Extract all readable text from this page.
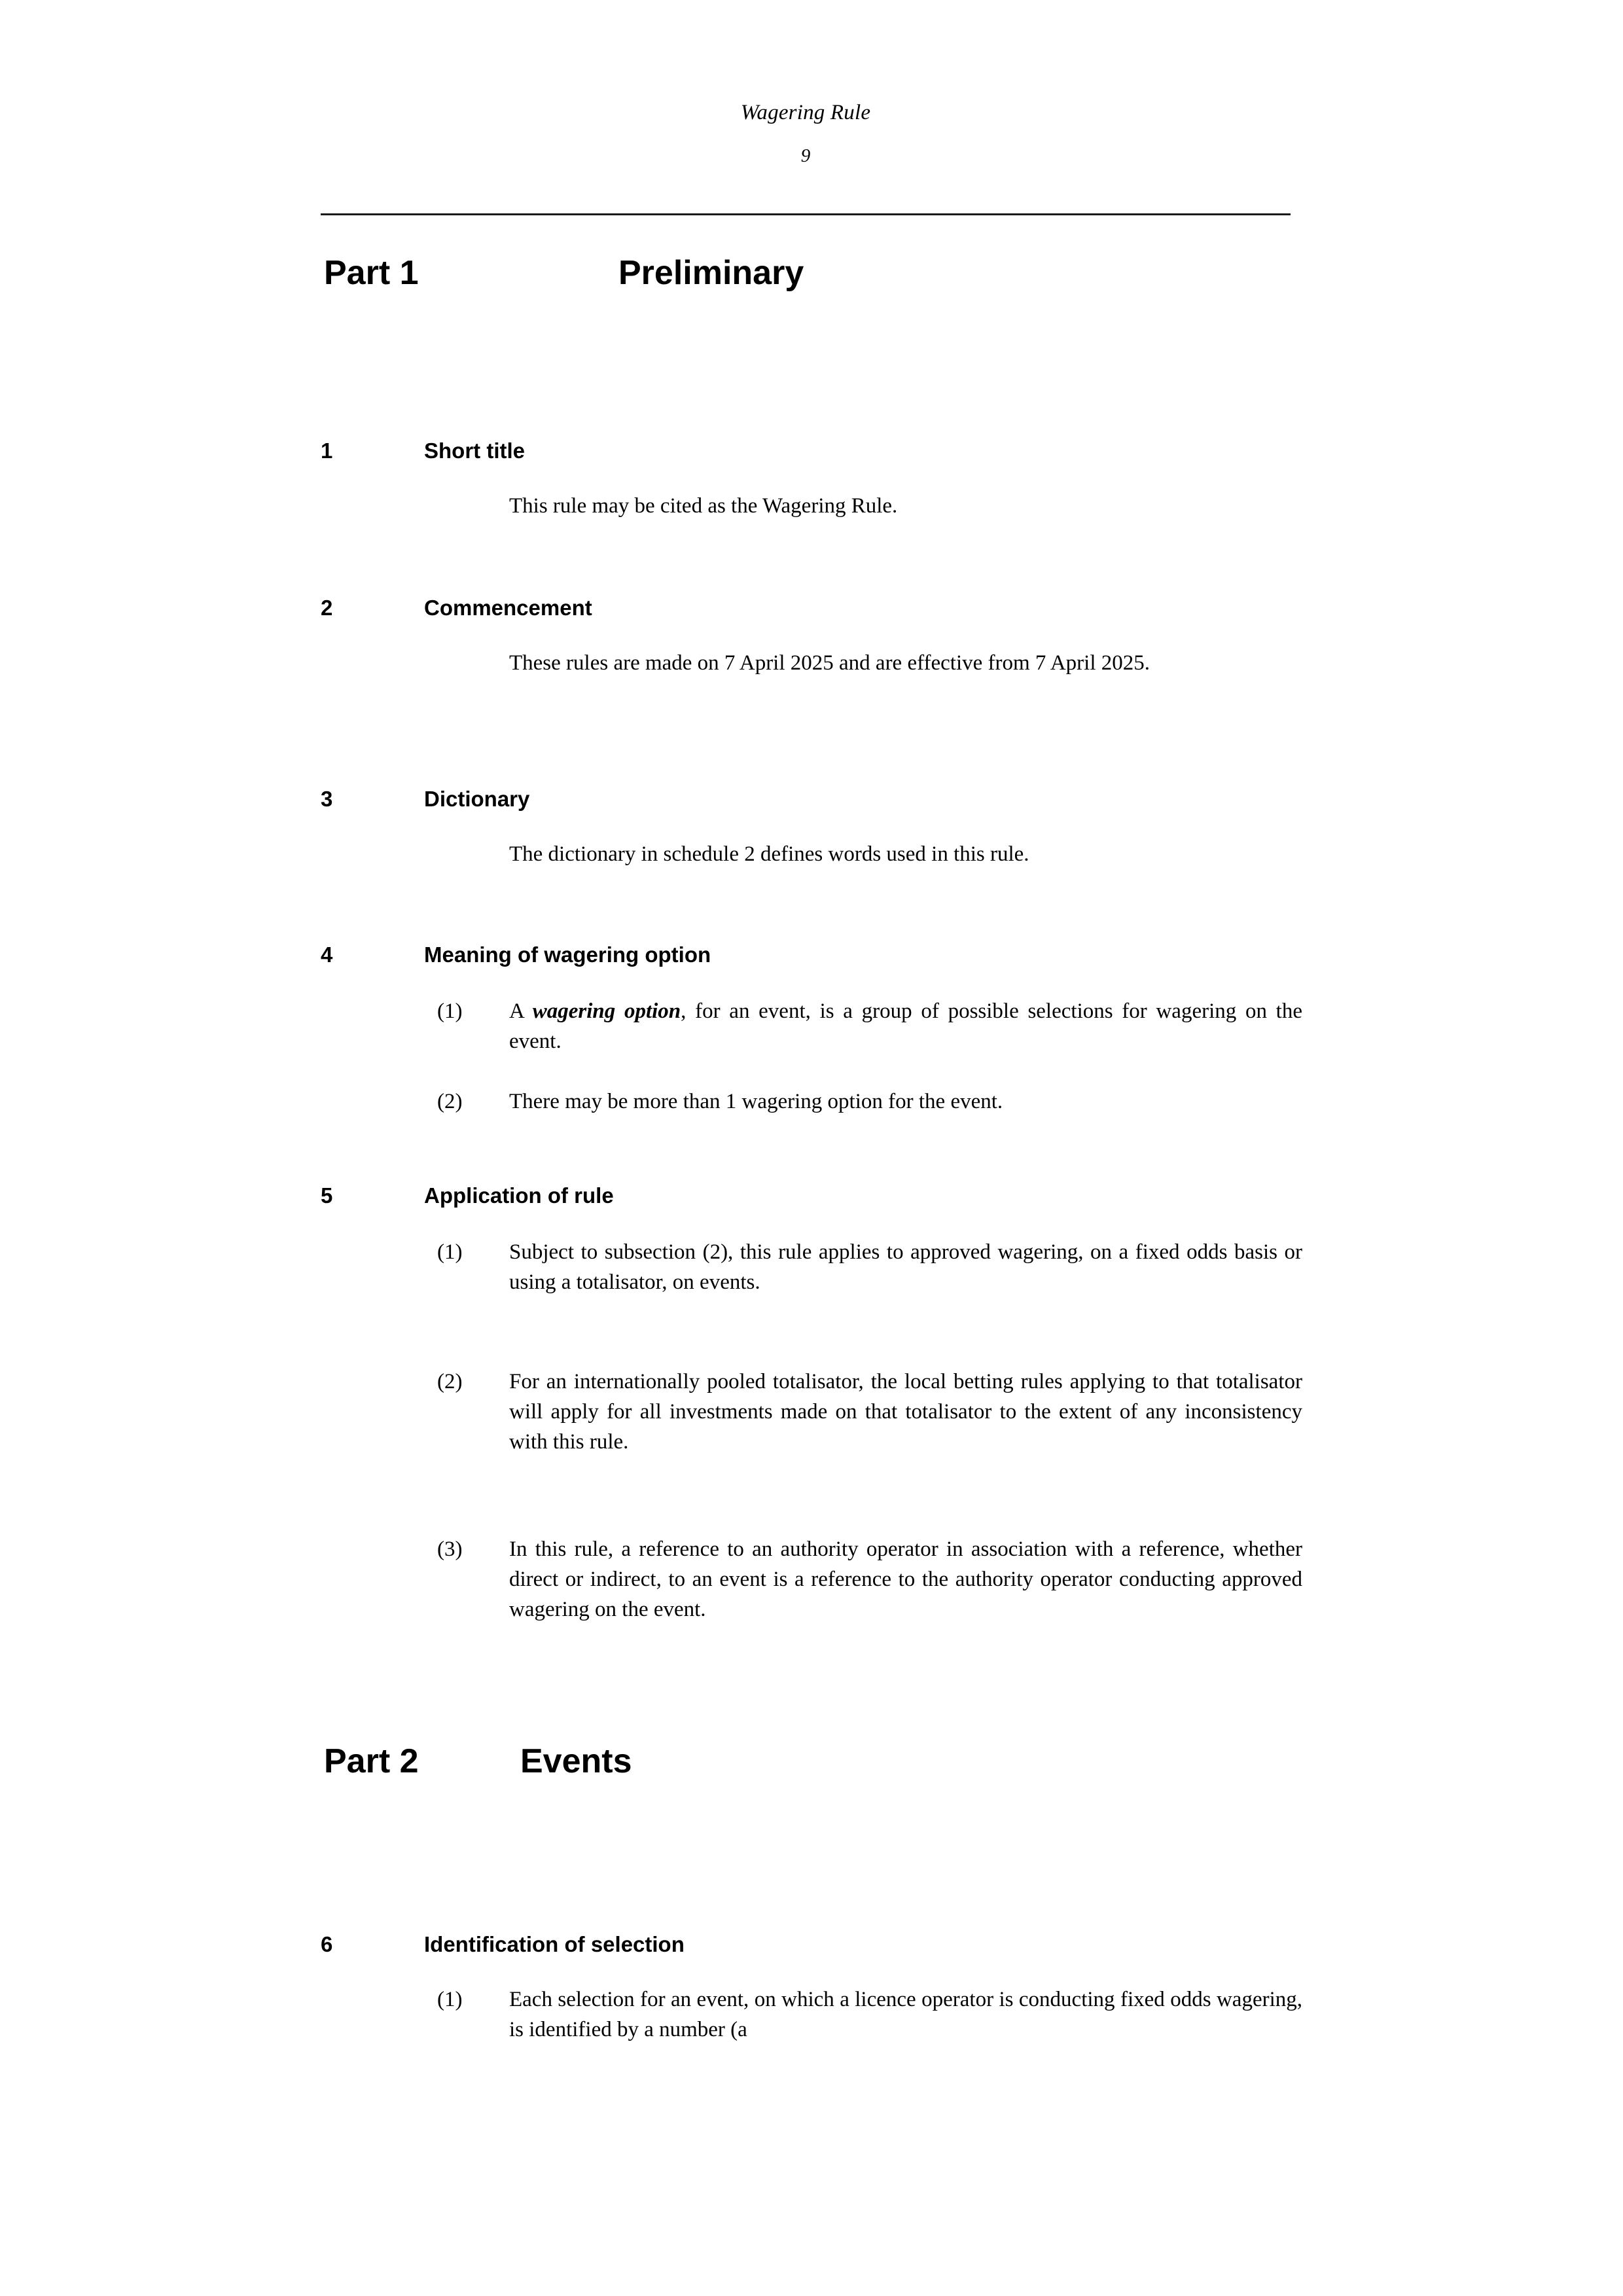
Wagering Rule
9
Part 1	Preliminary
1	Short title
This rule may be cited as the Wagering Rule.
2	Commencement
These rules are made on 7 April 2025 and are effective from 7 April 2025.
3	Dictionary
The dictionary in schedule 2 defines words used in this rule.
4	Meaning of wagering option
(1)	A wagering option, for an event, is a group of possible selections for wagering on the event.
(2)	There may be more than 1 wagering option for the event.
5	Application of rule
(1)	Subject to subsection (2), this rule applies to approved wagering, on a fixed odds basis or using a totalisator, on events.
(2)	For an internationally pooled totalisator, the local betting rules applying to that totalisator will apply for all investments made on that totalisator to the extent of any inconsistency with this rule.
(3)	In this rule, a reference to an authority operator in association with a reference, whether direct or indirect, to an event is a reference to the authority operator conducting approved wagering on the event.
Part 2	Events
6	Identification of selection
(1)	Each selection for an event, on which a licence operator is conducting fixed odds wagering, is identified by a number (a
